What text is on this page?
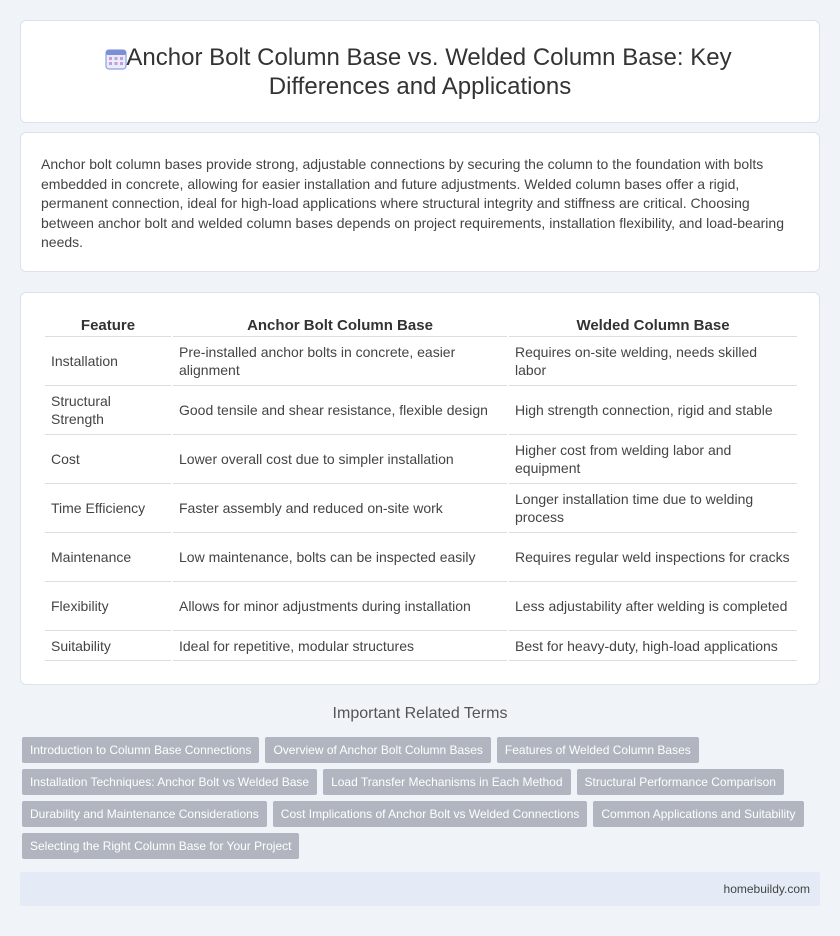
Anchor Bolt Column Base vs. Welded Column Base: Key
Differences and Applications

Anchor bolt column bases provide strong, adjustable connections by securing the column to the foundation with bolts embedded in concrete, allowing for easier installation and future adjustments. Welded column bases offer a rigid, permanent connection, ideal for high-load applications where structural integrity and stiffness are critical. Choosing between anchor bolt and welded column bases depends on project requirements, installation flexibility, and load-bearing needs.

Feature	Anchor Bolt Column Base	Welded Column Base
Installation	Pre-installed anchor bolts in concrete, easier alignment	Requires on-site welding, needs skilled labor
Structural Strength	Good tensile and shear resistance, flexible design	High strength connection, rigid and stable
Cost	Lower overall cost due to simpler installation	Higher cost from welding labor and equipment
Time Efficiency	Faster assembly and reduced on-site work	Longer installation time due to welding process
Maintenance	Low maintenance, bolts can be inspected easily	Requires regular weld inspections for cracks
Flexibility	Allows for minor adjustments during installation	Less adjustability after welding is completed
Suitability	Ideal for repetitive, modular structures	Best for heavy-duty, high-load applications
Important Related Terms
Introduction to Column Base Connections	Overview of Anchor Bolt Column Bases	Features of Welded Column Bases
Installation Techniques: Anchor Bolt vs Welded Base	Load Transfer Mechanisms in Each Method	Structural Performance Comparison
Durability and Maintenance Considerations	Cost Implications of Anchor Bolt vs Welded Connections	Common Applications and Suitability
Selecting the Right Column Base for Your Project
homebuildy.com
